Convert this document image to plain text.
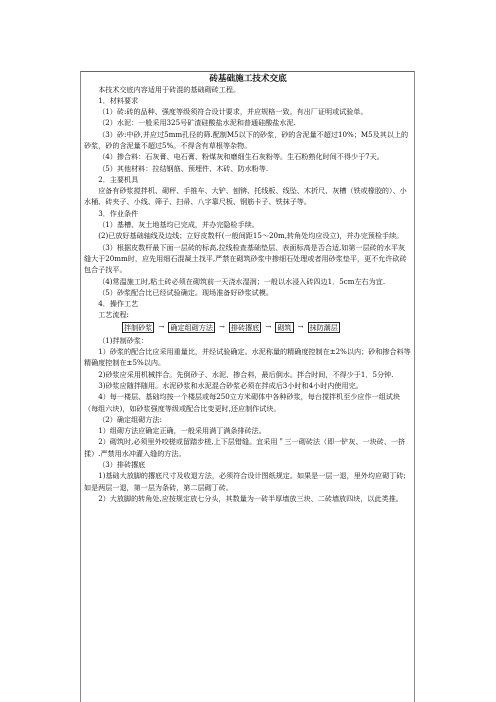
砖基础施工技术交底

本技术交底内容适用于砖混的基础砌砖工程。

1．材料要求

（1）砖:砖的品种、强度等级须符合设计要求，并应规格一致。有出厂证明或试验单。

（2）水泥：一般采用325号矿渣硅酸盐水泥和普通硅酸盐水泥.

（3）砂:中砂,并应过5mm孔径的筛.配制M5以下的砂浆，砂的含泥量不超过10%；M5及其以上的砂浆，砂的含泥量不超过5%。不得含有草根等杂物。

（4）掺合料：石灰膏、电石膏、粉煤灰和磨细生石灰粉等。生石粉熟化时间不得少于7天。

（5）其他材料：拉结钢筋、预埋件、木砖、防水粉等.

2．主要机具

应备有砂浆搅拌机、砌秤、手推车、大铲、刨锛、托线板、线坠、木折尺、灰槽（铁或橡胶的）、小水桶、砖夹子、小线、筛子、扫帚、八字靠尺板、钢筋卡子、铁抹子等。

3．作业条件

（1）基槽、灰土地基均已完成，并办完隐检手续。

(2)已放好基础轴线及边线；立好皮数杆(一般间距15～20m,转角处均应设立)，并办完预检手续。

（3）根据皮数杆最下面一层砖的标高,拉线检查基础垫层、表面标高是否合适,如第一层砖的水平灰缝大于20mm时，应先用细石混凝土找平,严禁在砌筑砂浆中掺细石处理或者用砂浆垫平，更不允许砍砖包合子找平。

（4)常温施工时,粘土砖必须在砌筑前一天浇水湿润；一般以水浸入砖四边1．5cm左右为宜.

（5）砂浆配合比已经试验确定。现场准备好砂浆试模。

4．操作工艺

工艺流程:

拌制砂浆 → 确定组砌方法 → 排砖撂底 → 砌筑 → 抹防潮层

（1)拌制砂浆：

1）砂浆的配合比应采用重量比，并经试验确定。水泥称量的精确度控制在±2%以内；砂和掺合料等精确度控制在±5%以内。

2)砂浆应采用机械拌合。先倒砂子、水泥、掺合料，最后倒水。拌合时间，不得少于1．5分钟.

3)砂浆应随拌随用。水泥砂浆和水泥混合砂浆必须在拌成后3小时和4小时内使用完。

4）每一楼层、基础均按一个楼层或每250立方米砌体中各种砂浆，每台搅拌机至少应作一组试块（每组六块)，如砂浆强度等级或配合比变更时,还应制作试块。

（2）确定组砌方法:

1）组砌方法应确定正确，一般采用满丁满条排砖法。

2）砌筑时,必须里外咬槎或留踏步槎,上下层错缝。宜采用＂三一砌砖法（即一铲灰、一块砖、一挤揉）.严禁用水冲灌入缝的方法。

（3）排砖撂底

1)基础大放脚的撂底尺寸及收退方法，必须符合设计图纸规定。如果是一层一退，里外均应砌丁砖;如是两层一退，第一层为条砖，第二层砌丁砖。

2）大放脚的转角处,应按规定放七分头，其数量为一砖半厚墙放三块、二砖墙放四块，以此类推。
